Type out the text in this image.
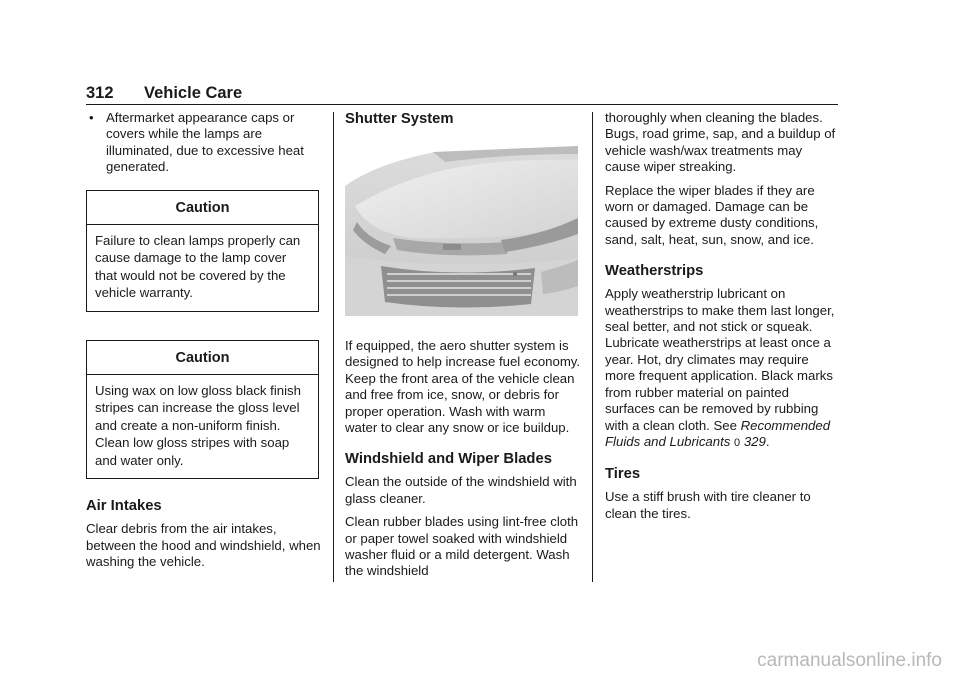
312 Vehicle Care
• Aftermarket appearance caps or covers while the lamps are illuminated, due to excessive heat generated.
Caution
Failure to clean lamps properly can cause damage to the lamp cover that would not be covered by the vehicle warranty.
Caution
Using wax on low gloss black finish stripes can increase the gloss level and create a non-uniform finish. Clean low gloss stripes with soap and water only.
Air Intakes

Clear debris from the air intakes, between the hood and windshield, when washing the vehicle.

Shutter System

If equipped, the aero shutter system is designed to help increase fuel economy. Keep the front area of the vehicle clean and free from ice, snow, or debris for proper operation. Wash with warm water to clear any snow or ice buildup.

Windshield and Wiper Blades

Clean the outside of the windshield with glass cleaner.

Clean rubber blades using lint-free cloth or paper towel soaked with windshield washer fluid or a mild detergent. Wash the windshield

thoroughly when cleaning the blades. Bugs, road grime, sap, and a buildup of vehicle wash/wax treatments may cause wiper streaking.

Replace the wiper blades if they are worn or damaged. Damage can be caused by extreme dusty conditions, sand, salt, heat, sun, snow, and ice.

Weatherstrips

Apply weatherstrip lubricant on weatherstrips to make them last longer, seal better, and not stick or squeak. Lubricate weatherstrips at least once a year. Hot, dry climates may require more frequent application. Black marks from rubber material on painted surfaces can be removed by rubbing with a clean cloth. See Recommended Fluids and Lubricants 0 329.

Tires

Use a stiff brush with tire cleaner to clean the tires.

carmanualsonline.info
